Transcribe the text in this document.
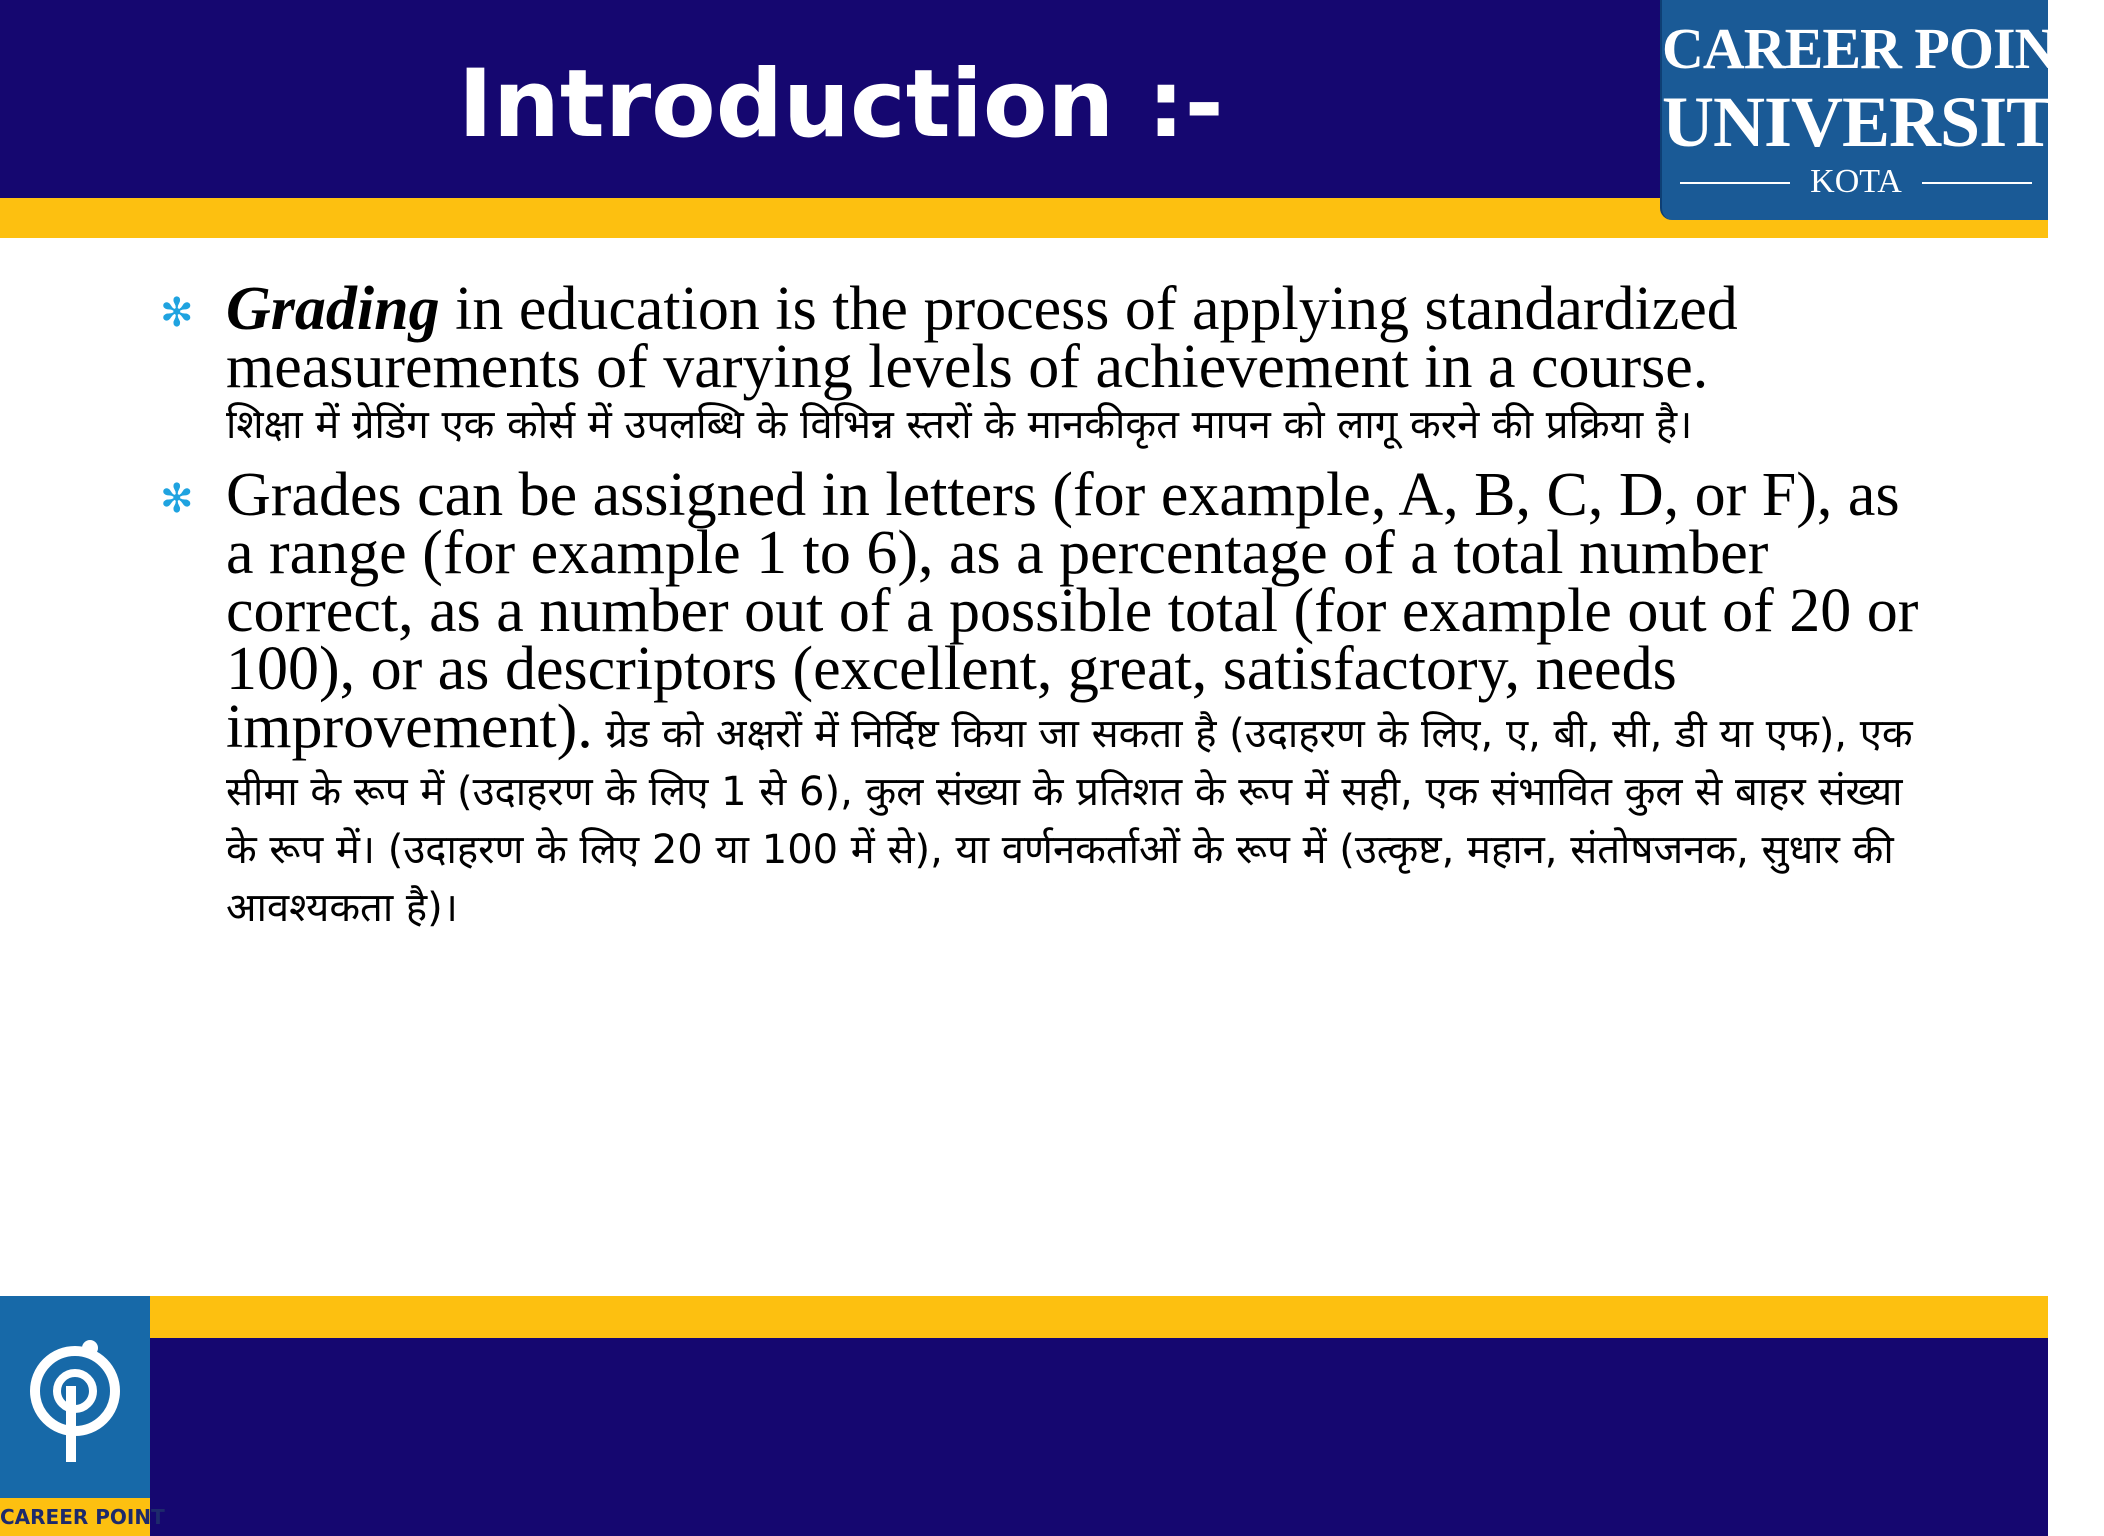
Introduction :-
CAREER POINT
UNIVERSITY
KOTA
✻ Grading in education is the process of applying standardized measurements of varying levels of achievement in a course.
शिक्षा में ग्रेडिंग एक कोर्स में उपलब्धि के विभिन्न स्तरों के मानकीकृत मापन को लागू करने की प्रक्रिया है।
✻ Grades can be assigned in letters (for example, A, B, C, D, or F), as a range (for example 1 to 6), as a percentage of a total number correct, as a number out of a possible total (for example out of 20 or 100), or as descriptors (excellent, great, satisfactory, needs improvement). ग्रेड को अक्षरों में निर्दिष्ट किया जा सकता है (उदाहरण के लिए, ए, बी, सी, डी या एफ), एक सीमा के रूप में (उदाहरण के लिए 1 से 6), कुल संख्या के प्रतिशत के रूप में सही, एक संभावित कुल से बाहर संख्या के रूप में। (उदाहरण के लिए 20 या 100 में से), या वर्णनकर्ताओं के रूप में (उत्कृष्ट, महान, संतोषजनक, सुधार की आवश्यकता है)।
CAREER POINT
